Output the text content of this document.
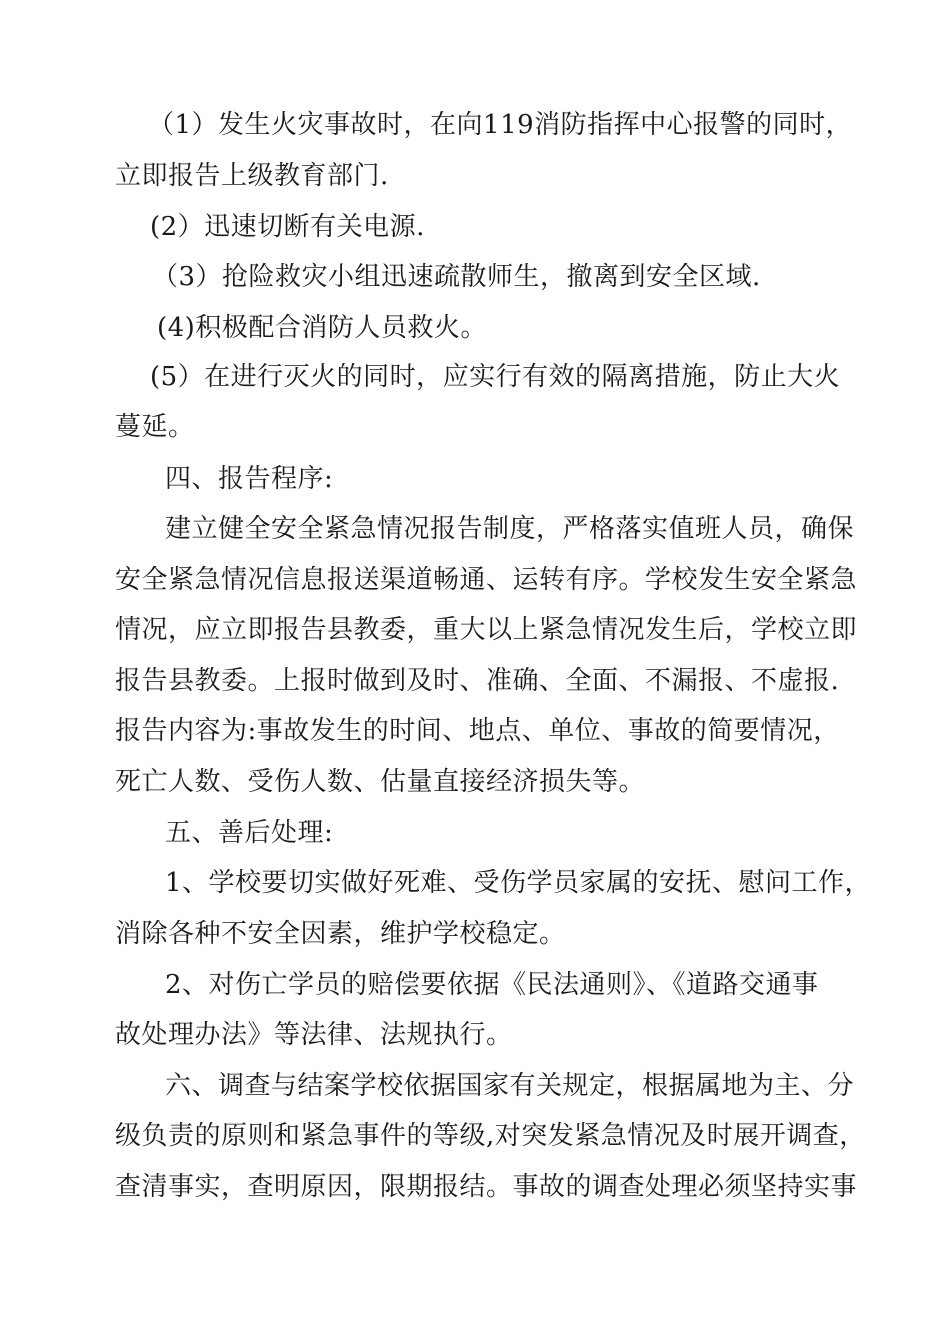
（1）发生火灾事故时，在向119消防指挥中心报警的同时，
立即报告上级教育部门.
(2）迅速切断有关电源.
（3）抢险救灾小组迅速疏散师生，撤离到安全区域.
(4)积极配合消防人员救火。
(5）在进行灭火的同时，应实行有效的隔离措施，防止大火
蔓延。
四、报告程序:
建立健全安全紧急情况报告制度，严格落实值班人员，确保
安全紧急情况信息报送渠道畅通、运转有序。学校发生安全紧急
情况，应立即报告县教委，重大以上紧急情况发生后，学校立即
报告县教委。上报时做到及时、准确、全面、不漏报、不虚报.
报告内容为:事故发生的时间、地点、单位、事故的简要情况，
死亡人数、受伤人数、估量直接经济损失等。
五、善后处理:
1、学校要切实做好死难、受伤学员家属的安抚、慰问工作，
消除各种不安全因素，维护学校稳定。
2、对伤亡学员的赔偿要依据《民法通则》、《道路交通事
故处理办法》等法律、法规执行。
六、调查与结案学校依据国家有关规定，根据属地为主、分
级负责的原则和紧急事件的等级,对突发紧急情况及时展开调查，
查清事实，查明原因，限期报结。事故的调查处理必须坚持实事
